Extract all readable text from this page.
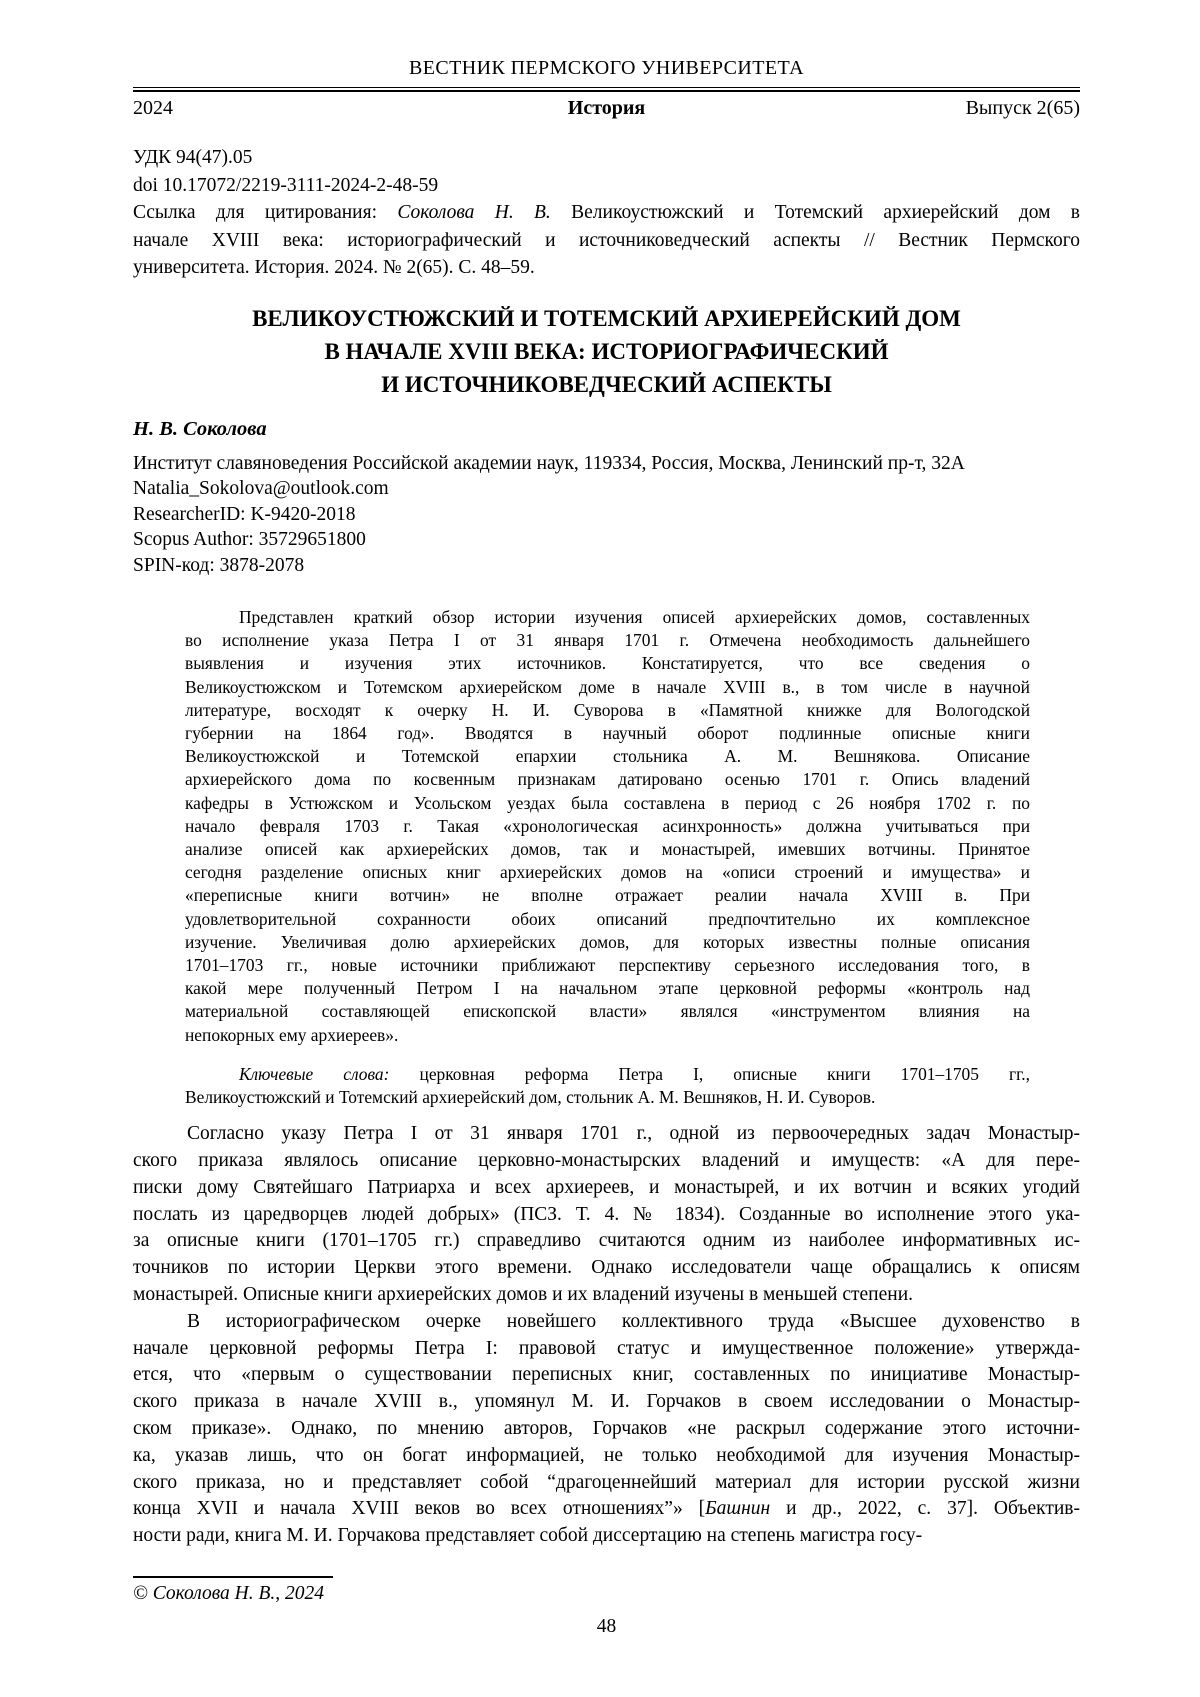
ВЕСТНИК ПЕРМСКОГО УНИВЕРСИТЕТА
2024	История	Выпуск 2(65)
УДК 94(47).05
doi 10.17072/2219-3111-2024-2-48-59
Ссылка для цитирования: Соколова Н. В. Великоустюжский и Тотемский архиерейский дом в
начале XVIII века: историографический и источниковедческий аспекты // Вестник Пермского
университета. История. 2024. № 2(65). С. 48–59.
ВЕЛИКОУСТЮЖСКИЙ И ТОТЕМСКИЙ АРХИЕРЕЙСКИЙ ДОМ
В НАЧАЛЕ XVIII ВЕКА: ИСТОРИОГРАФИЧЕСКИЙ
И ИСТОЧНИКОВЕДЧЕСКИЙ АСПЕКТЫ
Н. В. Соколова
Институт славяноведения Российской академии наук, 119334, Россия, Москва, Ленинский пр-т, 32А
Natalia_Sokolova@outlook.com
ResearcherID: K-9420-2018
Scopus Author: 35729651800
SPIN-код: 3878-2078
Представлен краткий обзор истории изучения описей архиерейских домов, составленных
во исполнение указа Петра I от 31 января 1701 г. Отмечена необходимость дальнейшего
выявления и изучения этих источников. Констатируется, что все сведения о
Великоустюжском и Тотемском архиерейском доме в начале XVIII в., в том числе в научной
литературе, восходят к очерку Н. И. Суворова в «Памятной книжке для Вологодской
губернии на 1864 год». Вводятся в научный оборот подлинные описные книги
Великоустюжской и Тотемской епархии стольника А. М. Вешнякова. Описание
архиерейского дома по косвенным признакам датировано осенью 1701 г. Опись владений
кафедры в Устюжском и Усольском уездах была составлена в период с 26 ноября 1702 г. по
начало февраля 1703 г. Такая «хронологическая асинхронность» должна учитываться при
анализе описей как архиерейских домов, так и монастырей, имевших вотчины. Принятое
сегодня разделение описных книг архиерейских домов на «описи строений и имущества» и
«переписные книги вотчин» не вполне отражает реалии начала XVIII в. При
удовлетворительной сохранности обоих описаний предпочтительно их комплексное
изучение. Увеличивая долю архиерейских домов, для которых известны полные описания
1701–1703 гг., новые источники приближают перспективу серьезного исследования того, в
какой мере полученный Петром I на начальном этапе церковной реформы «контроль над
материальной составляющей епископской власти» являлся «инструментом влияния на
непокорных ему архиереев».
Ключевые слова: церковная реформа Петра I, описные книги 1701–1705 гг.,
Великоустюжский и Тотемский архиерейский дом, стольник А. М. Вешняков, Н. И. Суворов.
Согласно указу Петра I от 31 января 1701 г., одной из первоочередных задач Монастыр-
ского приказа являлось описание церковно-монастырских владений и имуществ: «А для пере-
писки дому Святейшаго Патриарха и всех архиереев, и монастырей, и их вотчин и всяких угодий
послать из царедворцев людей добрых» (ПСЗ. Т. 4. № 1834). Созданные во исполнение этого ука-
за описные книги (1701–1705 гг.) справедливо считаются одним из наиболее информативных ис-
точников по истории Церкви этого времени. Однако исследователи чаще обращались к описям
монастырей. Описные книги архиерейских домов и их владений изучены в меньшей степени.
В историографическом очерке новейшего коллективного труда «Высшее духовенство в
начале церковной реформы Петра I: правовой статус и имущественное положение» утвержда-
ется, что «первым о существовании переписных книг, составленных по инициативе Монастыр-
ского приказа в начале XVIII в., упомянул М. И. Горчаков в своем исследовании о Монастыр-
ском приказе». Однако, по мнению авторов, Горчаков «не раскрыл содержание этого источни-
ка, указав лишь, что он богат информацией, не только необходимой для изучения Монастыр-
ского приказа, но и представляет собой “драгоценнейший материал для истории русской жизни
конца XVII и начала XVIII веков во всех отношениях”» [Башнин и др., 2022, с. 37]. Объектив-
ности ради, книга М. И. Горчакова представляет собой диссертацию на степень магистра госу-
© Соколова Н. В., 2024
48
